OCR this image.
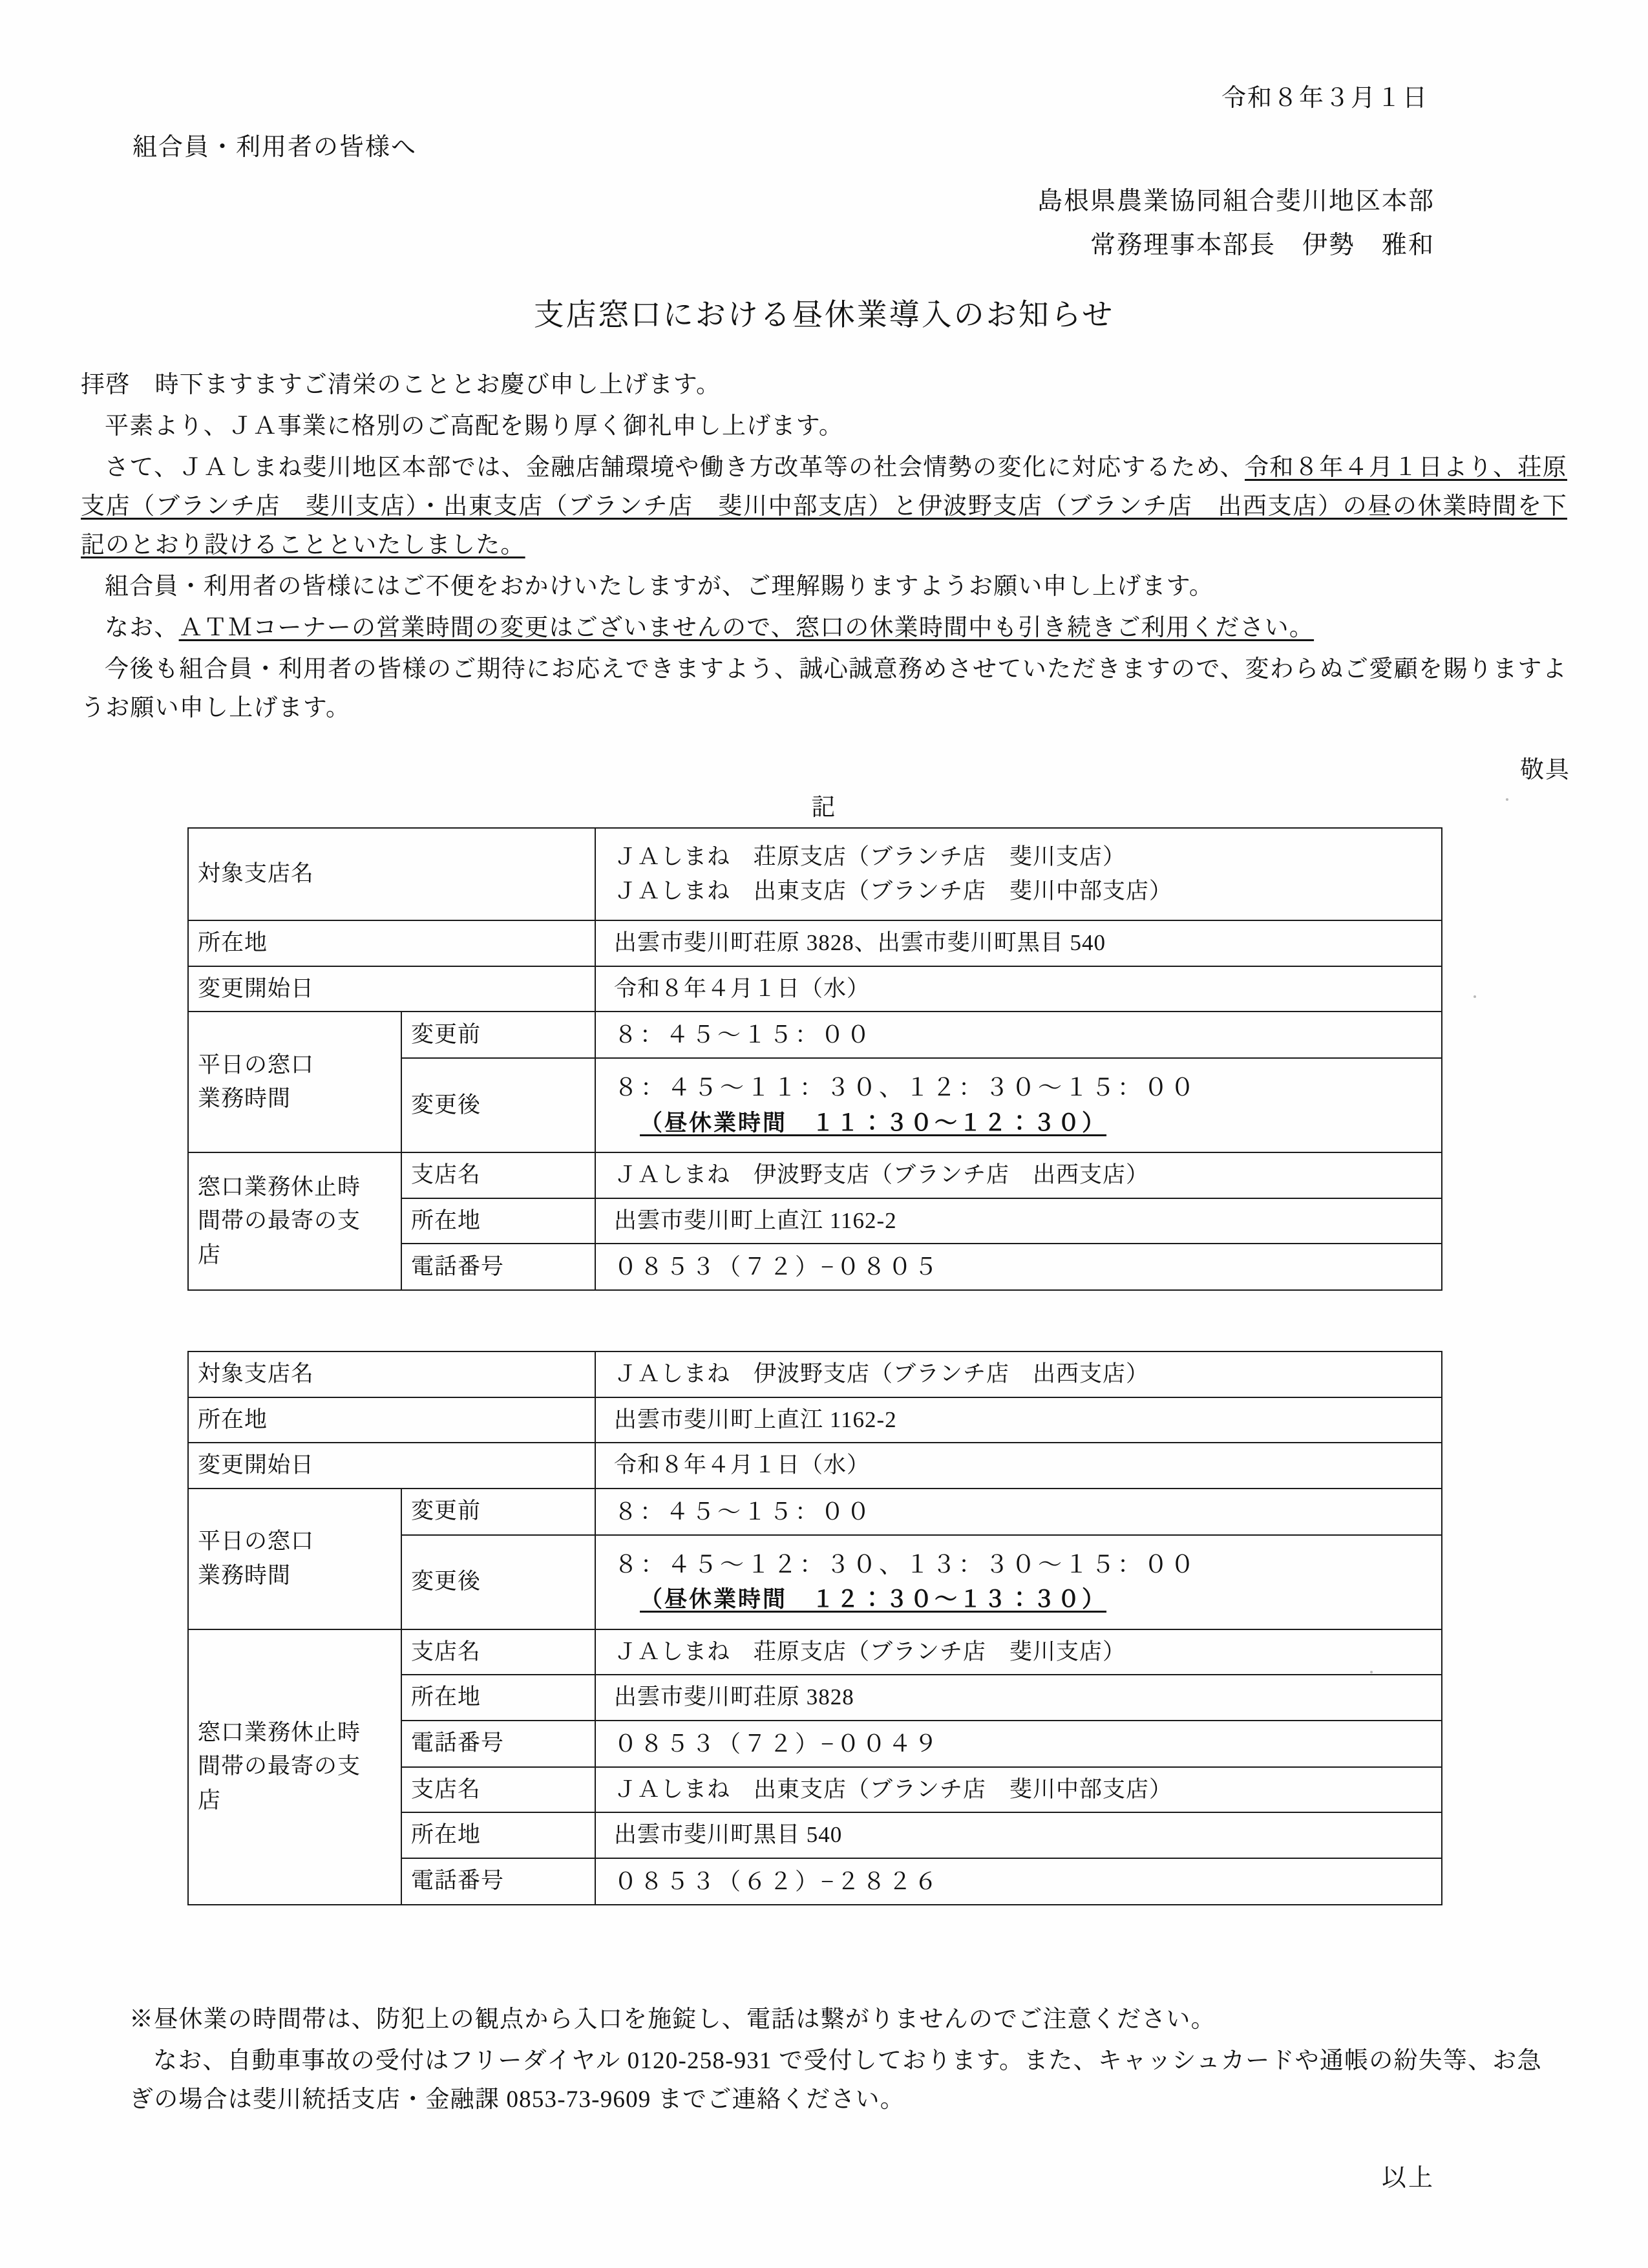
令和８年３月１日
組合員・利用者の皆様へ
島根県農業協同組合斐川地区本部
常務理事本部長　伊勢　雅和
支店窓口における昼休業導入のお知らせ

拝啓　時下ますますご清栄のこととお慶び申し上げます。

平素より、ＪＡ事業に格別のご高配を賜り厚く御礼申し上げます。

さて、ＪＡしまね斐川地区本部では、金融店舗環境や働き方改革等の社会情勢の変化に対応するため、令和８年４月１日より、荘原支店（ブランチ店　斐川支店）・出東支店（ブランチ店　斐川中部支店）と伊波野支店（ブランチ店　出西支店）の昼の休業時間を下記のとおり設けることといたしました。

組合員・利用者の皆様にはご不便をおかけいたしますが、ご理解賜りますようお願い申し上げます。

なお、ＡＴＭコーナーの営業時間の変更はございませんので、窓口の休業時間中も引き続きご利用ください。

今後も組合員・利用者の皆様のご期待にお応えできますよう、誠心誠意務めさせていただきますので、変わらぬご愛顧を賜りますようお願い申し上げます。

敬具
記
対象支店名		ＪＡしまね　荘原支店（ブランチ店　斐川支店）
ＪＡしまね　出東支店（ブランチ店　斐川中部支店）

所在地		出雲市斐川町荘原 3828、出雲市斐川町黒目 540
変更開始日		令和８年４月１日（水）

平日の窓口
業務時間	変更前	８：４５〜１５：００
	変更後	８：４５〜１１：３０、１２：３０〜１５：００
（昼休業時間　１１：３０〜１２：３０）

窓口業務休止時
間帯の最寄の支
店	支店名	ＪＡしまね　伊波野支店（ブランチ店　出西支店）
	所在地	出雲市斐川町上直江 1162-2
	電話番号	０８５３（７２）−０８０５
対象支店名		ＪＡしまね　伊波野支店（ブランチ店　出西支店）
所在地		出雲市斐川町上直江 1162-2
変更開始日		令和８年４月１日（水）

平日の窓口
業務時間	変更前	８：４５〜１５：００
	変更後	８：４５〜１２：３０、１３：３０〜１５：００
（昼休業時間　１２：３０〜１３：３０）

窓口業務休止時
間帯の最寄の支
店	支店名	ＪＡしまね　荘原支店（ブランチ店　斐川支店）
	所在地	出雲市斐川町荘原 3828
	電話番号	０８５３（７２）−００４９
	支店名	ＪＡしまね　出東支店（ブランチ店　斐川中部支店）
	所在地	出雲市斐川町黒目 540
	電話番号	０８５３（６２）−２８２６

※昼休業の時間帯は、防犯上の観点から入口を施錠し、電話は繋がりませんのでご注意ください。

なお、自動車事故の受付はフリーダイヤル 0120-258-931 で受付しております。また、キャッシュカードや通帳の紛失等、お急ぎの場合は斐川統括支店・金融課 0853-73-9609 までご連絡ください。

以上
